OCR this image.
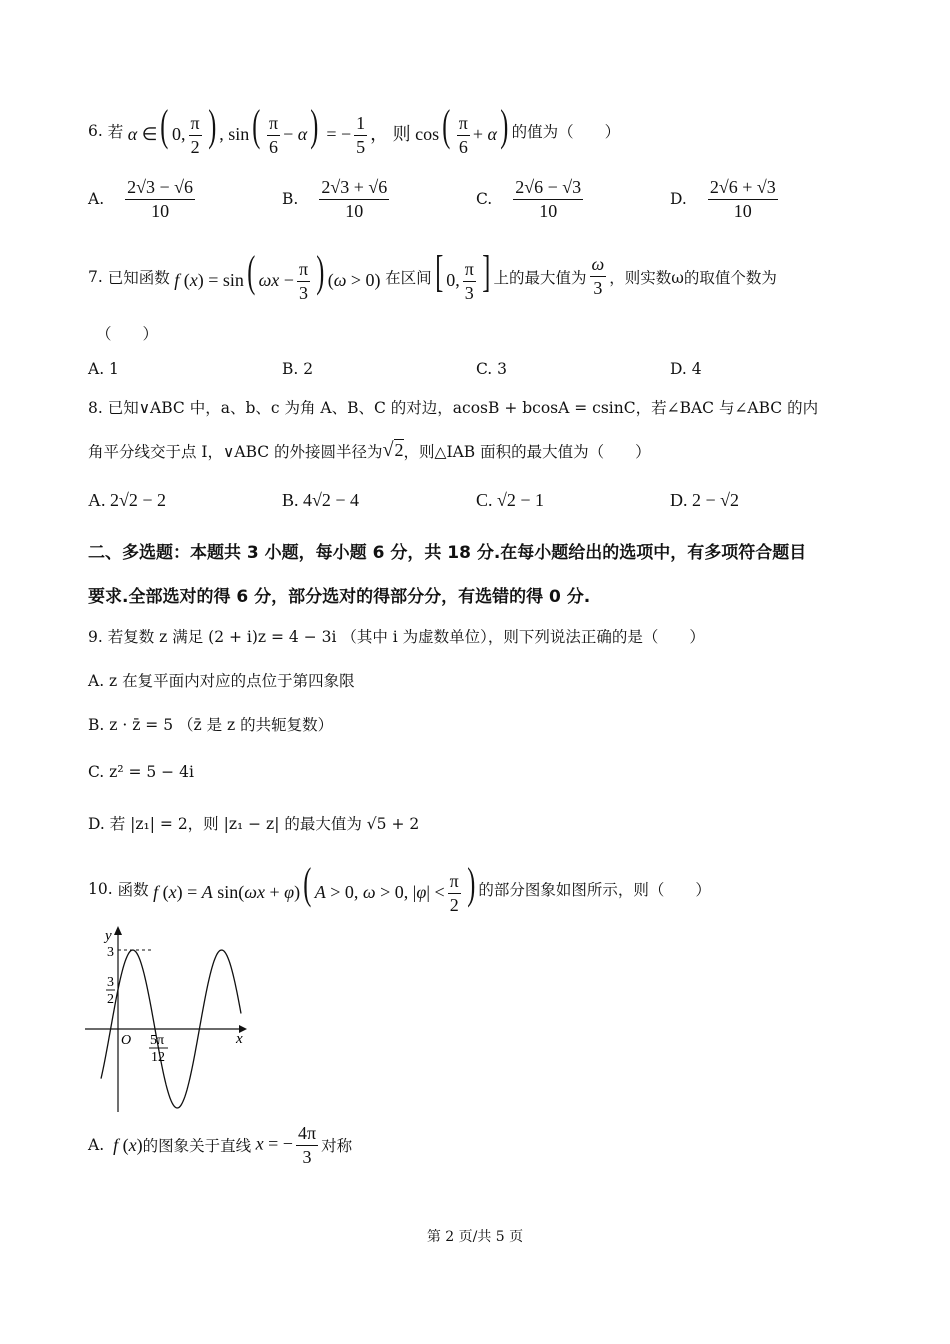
6.
若 α ∈( 0, $\frac{\pi}{2}$ ) , $\sin( \frac{\pi}{6} - \alpha)$ = − $\frac{1}{5}$ ， 则 $\cos( \frac{\pi}{6} + \alpha)$ 的值为（　　）
A. $\frac{2√3 - √6}{10}$	B. $\frac{2√3 + √6}{10}$	C. $\frac{2√6 - √3}{10}$	D. $\frac{2√6 + √3}{10}$
7.
已知函数 f (x) = sin( $\omega x - \frac{\pi}{3}$ ) (ω > 0) 在区间 [ 0, $\frac{\pi}{3}$ ] 上的最大值为 $\frac{\omega}{3}$ ，则实数ω的取值个数为
（　　）
A. 1	B. 2	C. 3	D. 4
8. 已知∨ABC 中，a、b、c 为角 A、B、C 的对边，acosB + bcosA = csinC，若∠BAC 与∠ABC 的内
角平分线交于点 I，∨ABC 的外接圆半径为 √2 ，则△IAB 面积的最大值为（　　）
A. 2√2 − 2	B. 4√2 − 4	C. √2 − 1	D. 2 − √2
二、多选题：本题共 3 小题，每小题 6 分，共 18 分.在每小题给出的选项中，有多项符合题目
要求.全部选对的得 6 分，部分选对的得部分分，有选错的得 0 分.
9. 若复数 z 满足 (2 + i)z = 4 − 3i （其中 i 为虚数单位），则下列说法正确的是（　　）
A. z 在复平面内对应的点位于第四象限
B. z · z̄ = 5 （z̄ 是 z 的共轭复数）
C. z² = 5 − 4i
D. 若 |z₁| = 2，则 |z₁ − z| 的最大值为 √5 + 2
10.
函数 f (x) = A sin(ωx + φ)( A > 0, ω > 0, $|\varphi| < \frac{\pi}{2}$ ) 的部分图象如图所示，则（　　）
y
x
O
3
3
2
5π
12
A. f (x) 的图象关于直线 x = − $\frac{4\pi}{3}$ 对称
第 2 页/共 5 页
